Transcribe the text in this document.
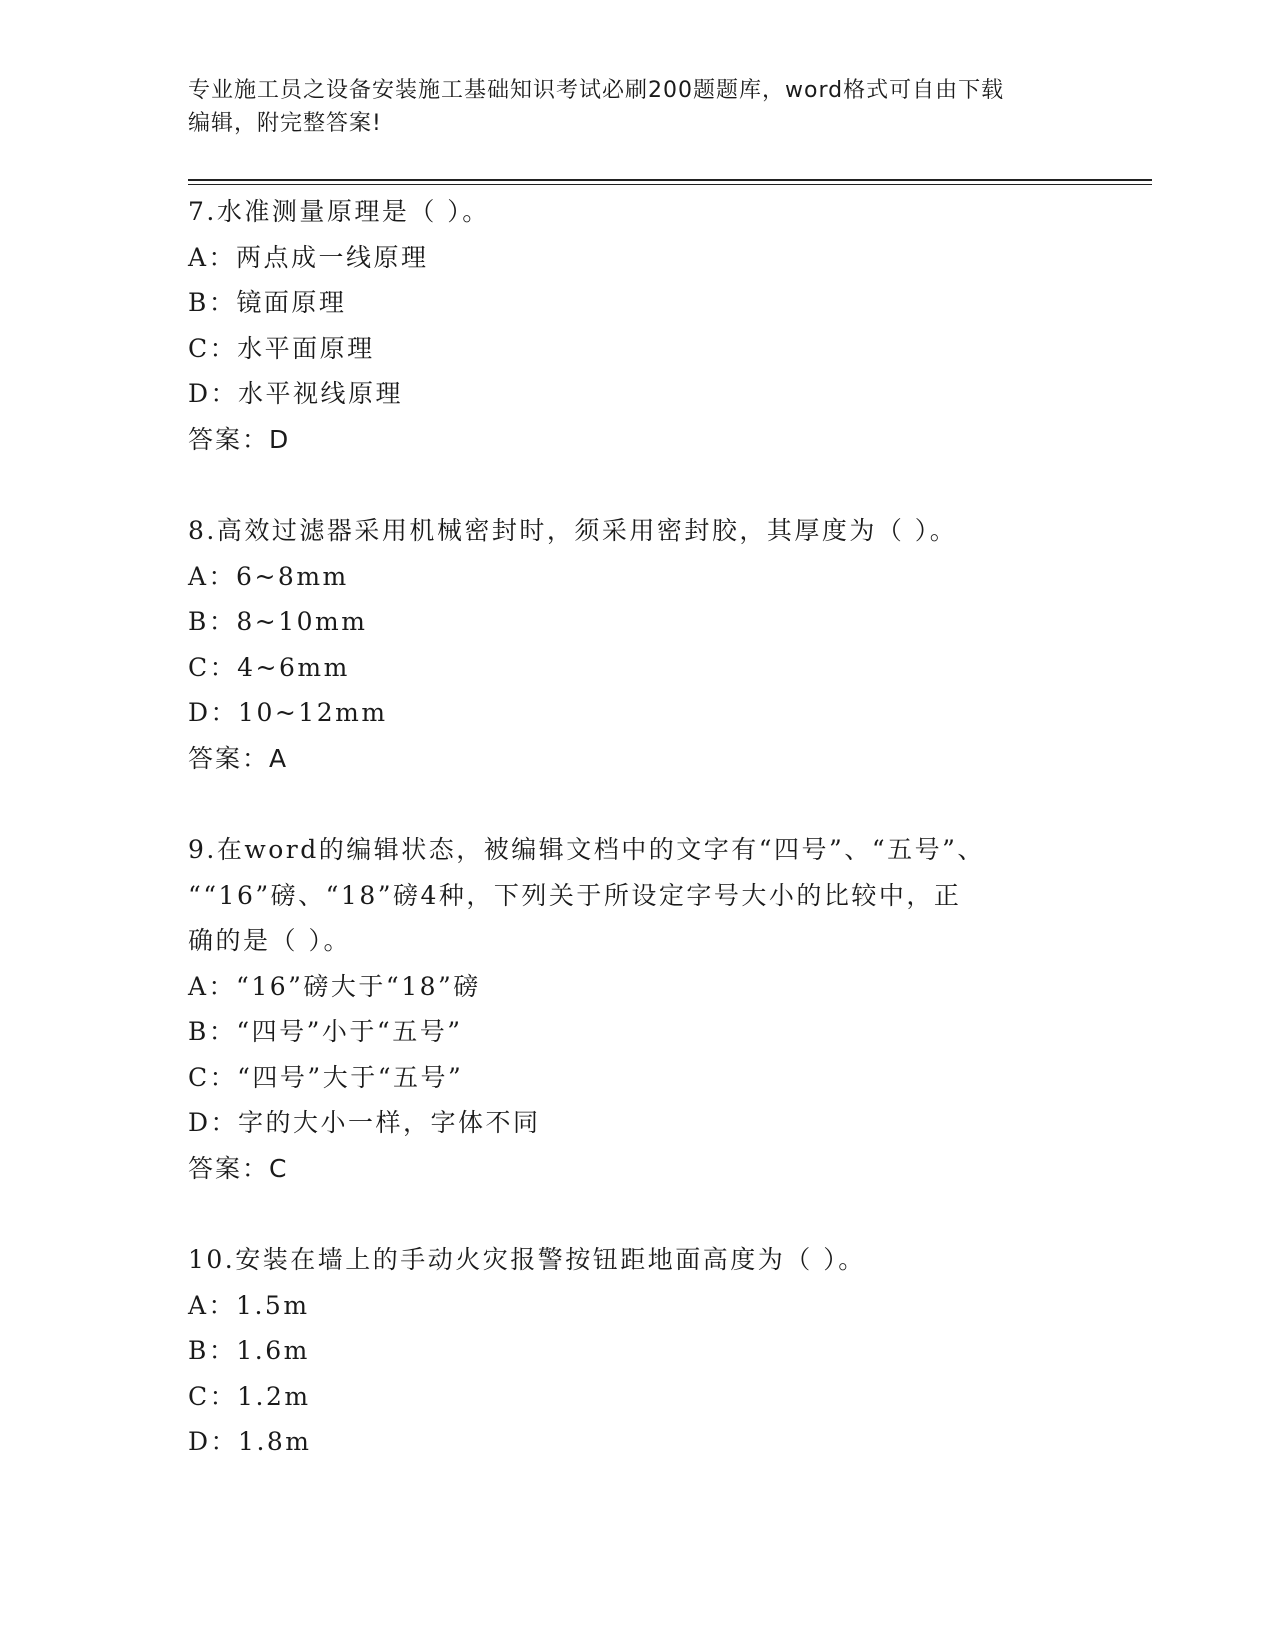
专业施工员之设备安装施工基础知识考试必刷200题题库，word格式可自由下载
编辑，附完整答案!
7.水准测量原理是（ ）。
A：两点成一线原理
B：镜面原理
C：水平面原理
D：水平视线原理
答案：D
8.高效过滤器采用机械密封时，须采用密封胶，其厚度为（ ）。
A：6~8mm
B：8~10mm
C：4~6mm
D：10~12mm
答案：A
9.在word的编辑状态，被编辑文档中的文字有“四号”、“五号”、
““16”磅、“18”磅4种，下列关于所设定字号大小的比较中，正
确的是（ ）。
A：“16”磅大于“18”磅
B：“四号”小于“五号”
C：“四号”大于“五号”
D：字的大小一样，字体不同
答案：C
10.安装在墙上的手动火灾报警按钮距地面高度为（ ）。
A：1.5m
B：1.6m
C：1.2m
D：1.8m
